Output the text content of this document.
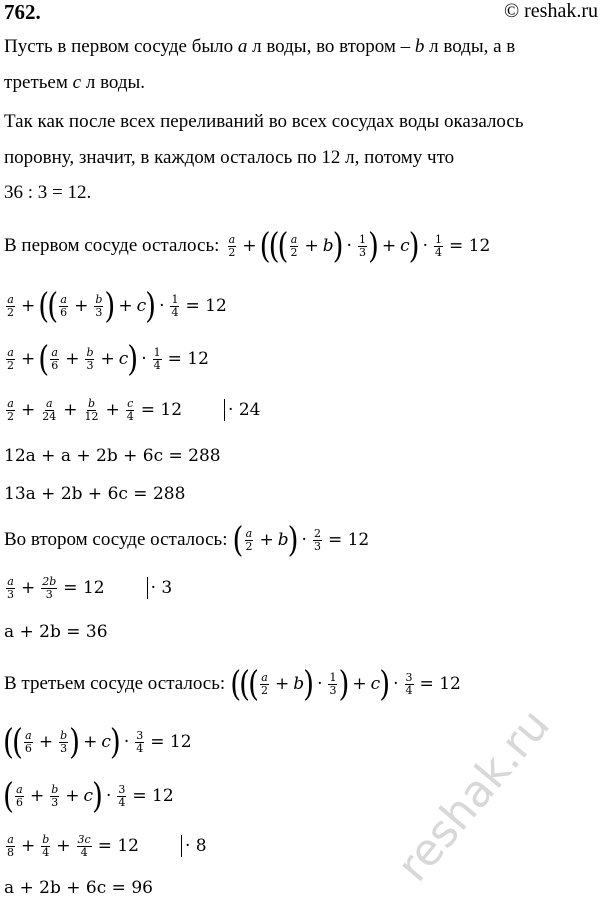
762.	© reshak.ru
Пусть в первом сосуде было a л воды, во втором – b л воды, а в
третьем c л воды.
Так как после всех переливаний во всех сосудах воды оказалось
поровну, значит, в каждом осталось по 12 л, потому что
36 : 3 = 12.
В первом сосуде осталось: $\frac{a}{2}$ + (
(
( $\frac{a}{2} + b$ ) · $\frac{1}{3}$ ) + c ) · $\frac{1}{4} = 12$
$\frac{a}{2}$ + (
( $\frac{a}{6} + \frac{b}{3}$ ) + c ) · $\frac{1}{4} = 12$
$\frac{a}{2}$ + ( $\frac{a}{6} + \frac{b}{3} + c$ ) · $\frac{1}{4} = 12$
$\frac{a}{2} + \frac{a}{24} + \frac{b}{12} + \frac{c}{4} = 12$	· 24
12a + a + 2b + 6c = 288
13a + 2b + 6c = 288
Во втором сосуде осталось: ( $\frac{a}{2} + b$ ) · $\frac{2}{3} = 12$
$\frac{a}{3} + \frac{2b}{3} = 12$	· 3
a + 2b = 36
В третьем сосуде осталось: (
(
( $\frac{a}{2} + b$ ) · $\frac{1}{3}$ ) + c ) · $\frac{3}{4} = 12$
(
( $\frac{a}{6} + \frac{b}{3}$ ) + c ) · $\frac{3}{4} = 12$
( $\frac{a}{6} + \frac{b}{3} + c$ ) · $\frac{3}{4} = 12$
$\frac{a}{8} + \frac{b}{4} + \frac{3c}{4} = 12$	· 8
a + 2b + 6c = 96	reshak.ru
